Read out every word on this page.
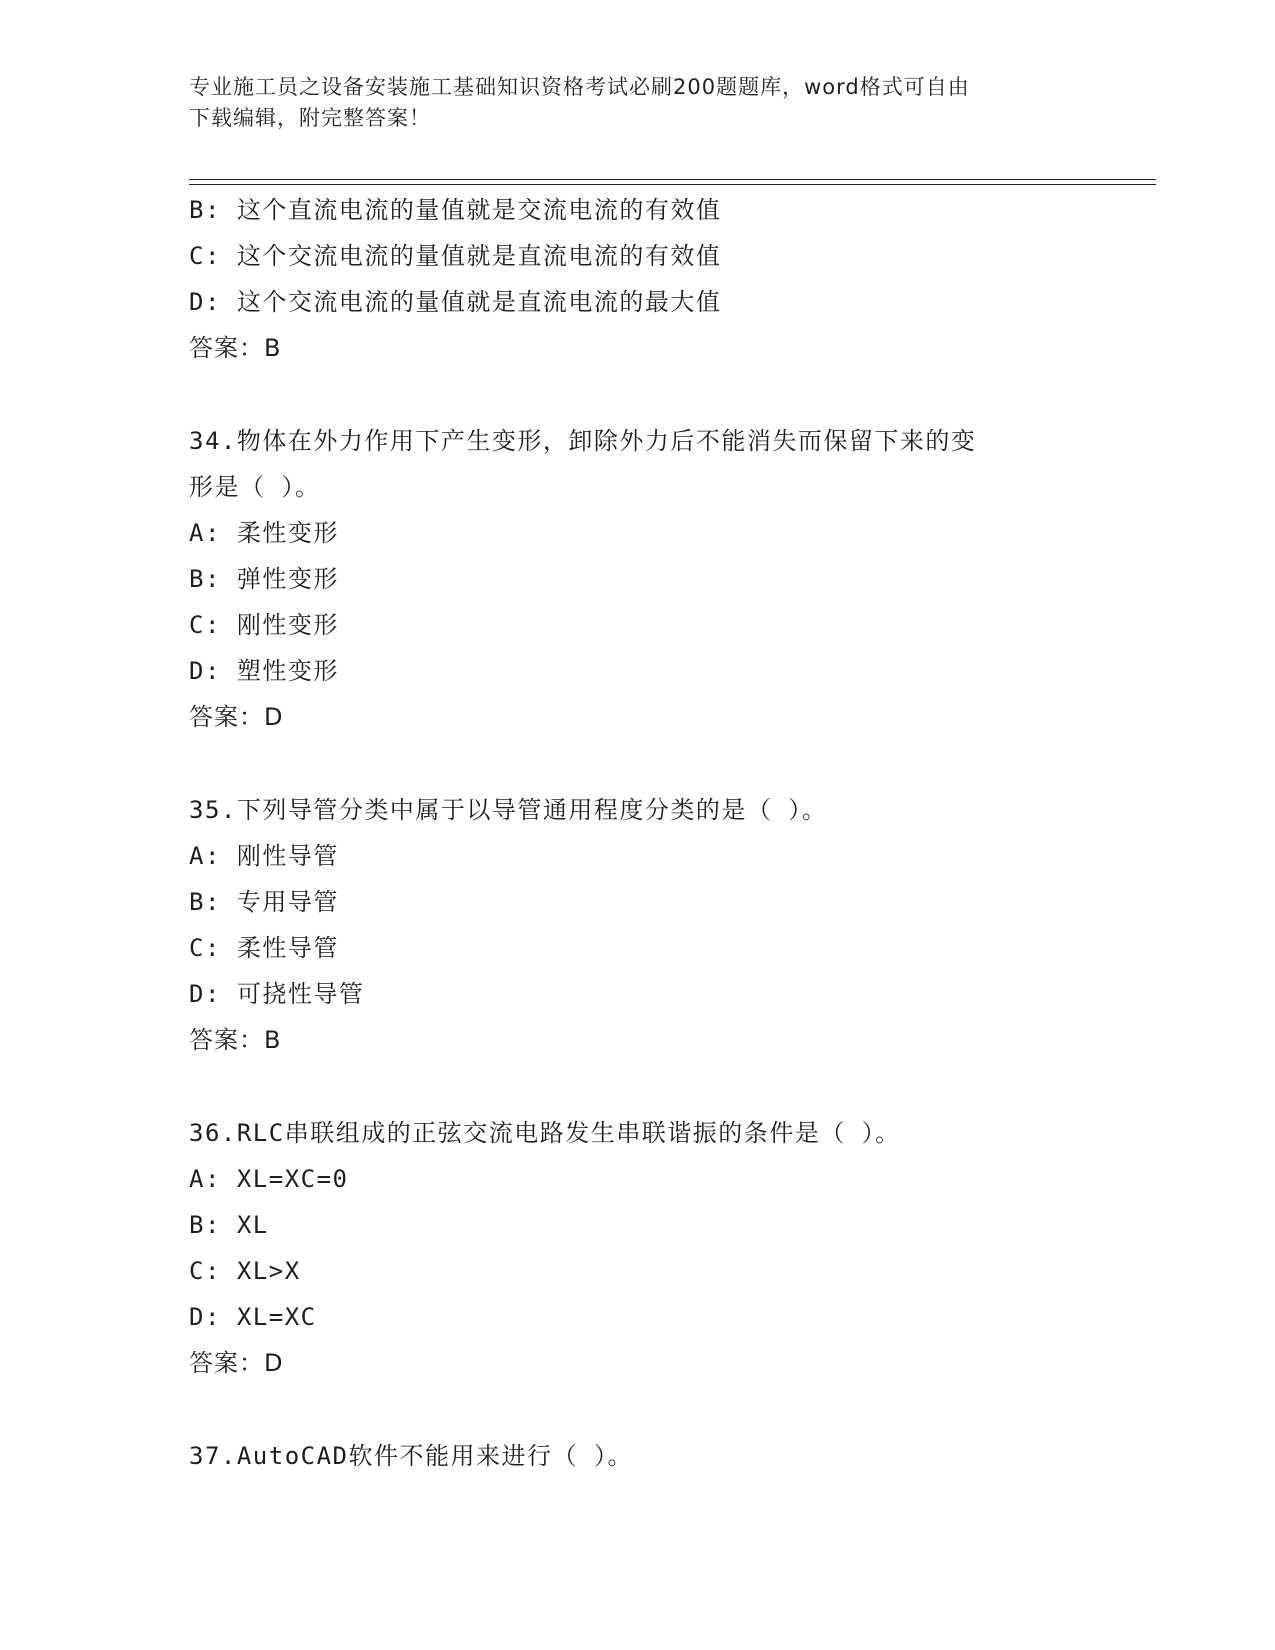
专业施工员之设备安装施工基础知识资格考试必刷200题题库，word格式可自由
下载编辑，附完整答案！
B: 这个直流电流的量值就是交流电流的有效值
C: 这个交流电流的量值就是直流电流的有效值
D: 这个交流电流的量值就是直流电流的最大值
答案：B
34.物体在外力作用下产生变形，卸除外力后不能消失而保留下来的变
形是（ ）。
A: 柔性变形
B: 弹性变形
C: 刚性变形
D: 塑性变形
答案：D
35.下列导管分类中属于以导管通用程度分类的是（ ）。
A: 刚性导管
B: 专用导管
C: 柔性导管
D: 可挠性导管
答案：B
36.RLC串联组成的正弦交流电路发生串联谐振的条件是（ ）。
A: XL=XC=0
B: XL
C: XL>X
D: XL=XC
答案：D
37.AutoCAD软件不能用来进行（ ）。
